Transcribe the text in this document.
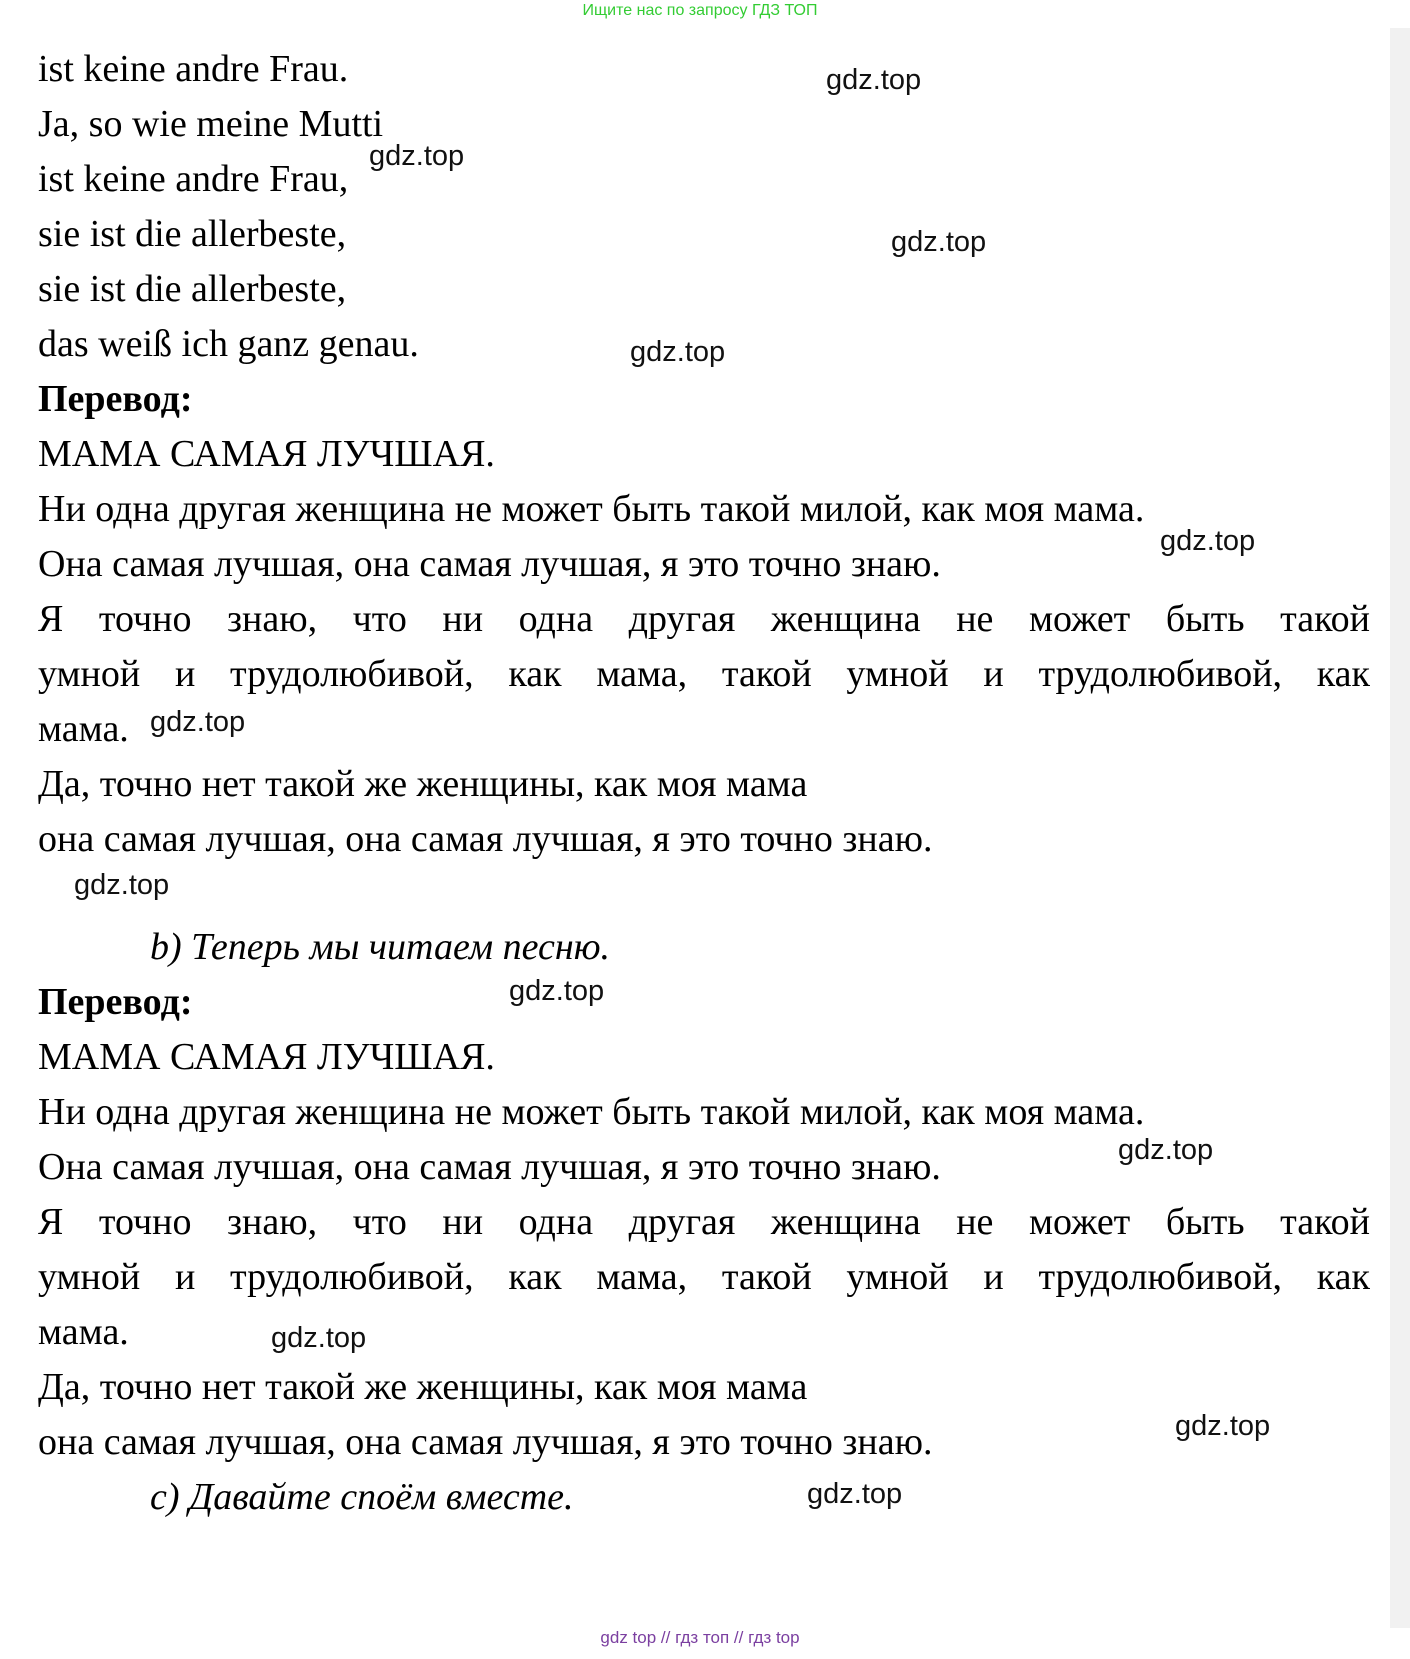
Ищите нас по запросу ГДЗ ТОП
ist keine andre Frau.
Ja, so wie meine Mutti
ist keine andre Frau,
sie ist die allerbeste,
sie ist die allerbeste,
das weiß ich ganz genau.
Перевод:
МАМА САМАЯ ЛУЧШАЯ.
Ни одна другая женщина не может быть такой милой, как моя мама.
Она самая лучшая, она самая лучшая, я это точно знаю.
Я точно знаю, что ни одна другая женщина не может быть такой
умной и трудолюбивой, как мама, такой умной и трудолюбивой, как
мама.
Да, точно нет такой же женщины, как моя мама
она самая лучшая, она самая лучшая, я это точно знаю.
b) Теперь мы читаем песню.
Перевод:
МАМА САМАЯ ЛУЧШАЯ.
Ни одна другая женщина не может быть такой милой, как моя мама.
Она самая лучшая, она самая лучшая, я это точно знаю.
Я точно знаю, что ни одна другая женщина не может быть такой
умной и трудолюбивой, как мама, такой умной и трудолюбивой, как
мама.
Да, точно нет такой же женщины, как моя мама
она самая лучшая, она самая лучшая, я это точно знаю.
c) Давайте споём вместе.
gdz.top
gdz.top
gdz.top
gdz.top
gdz.top
gdz.top
gdz.top
gdz.top
gdz.top
gdz.top
gdz.top
gdz.top
gdz top // гдз топ // гдз top
